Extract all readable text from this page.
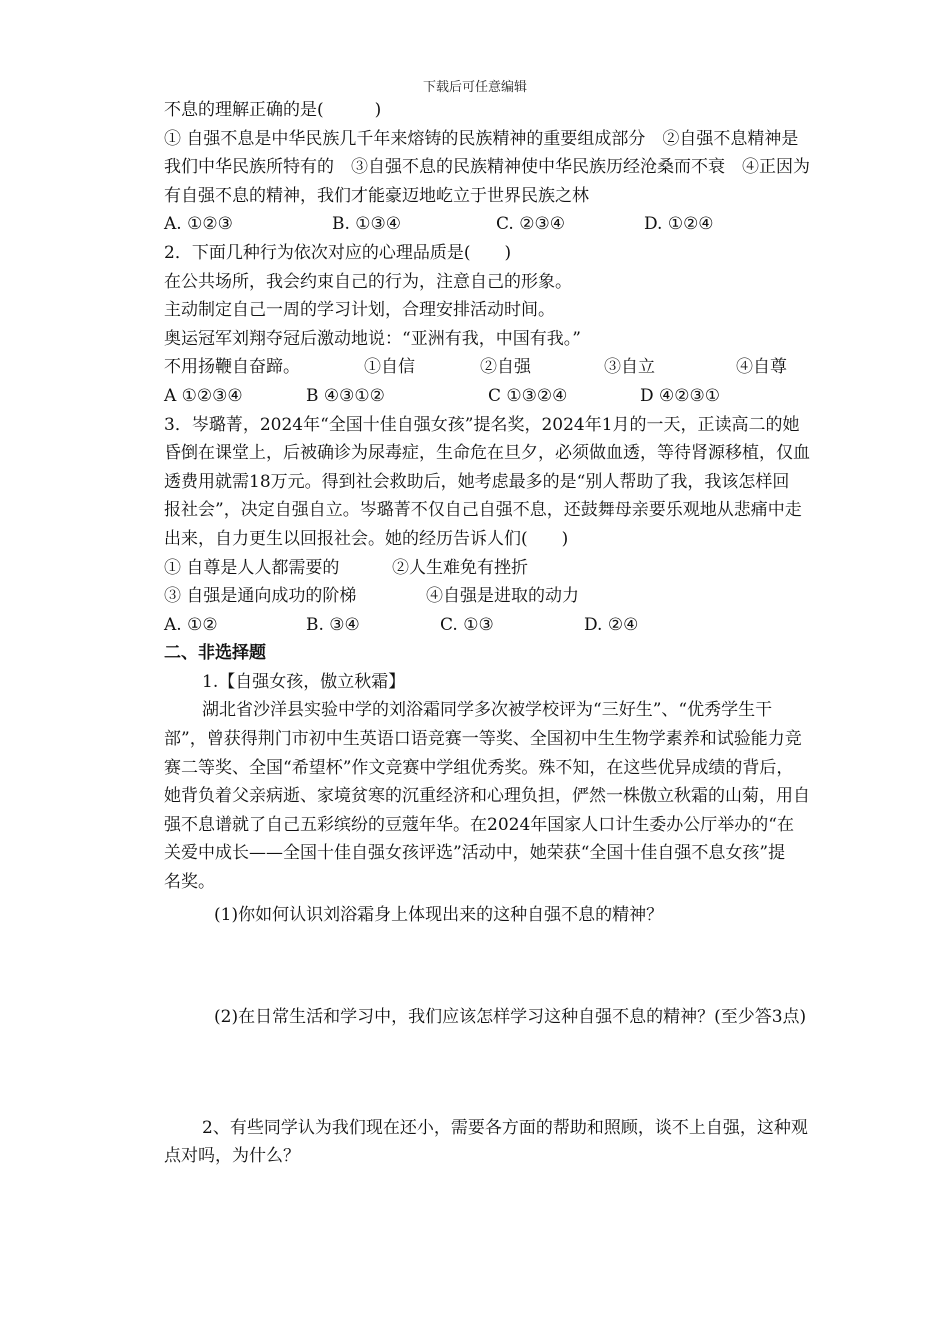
下载后可任意编辑
不息的理解正确的是(　　　)
① 自强不息是中华民族几千年来熔铸的民族精神的重要组成部分　②自强不息精神是
我们中华民族所特有的　③自强不息的民族精神使中华民族历经沧桑而不衰　④正因为
有自强不息的精神，我们才能豪迈地屹立于世界民族之林
A. ①②③	B. ①③④	C. ②③④	D. ①②④
2．下面几种行为依次对应的心理品质是(　　)
在公共场所，我会约束自己的行为，注意自己的形象。
主动制定自己一周的学习计划，合理安排活动时间。
奥运冠军刘翔夺冠后激动地说：“亚洲有我，中国有我。”
不用扬鞭自奋蹄。	①自信	②自强	③自立	④自尊
A ①②③④	B ④③①②	C ①③②④	D ④②③①
3．岑璐菁，2024年“全国十佳自强女孩”提名奖，2024年1月的一天，正读高二的她
昏倒在课堂上，后被确诊为尿毒症，生命危在旦夕，必须做血透，等待肾源移植，仅血
透费用就需18万元。得到社会救助后，她考虑最多的是“别人帮助了我，我该怎样回
报社会”，决定自强自立。岑璐菁不仅自己自强不息，还鼓舞母亲要乐观地从悲痛中走
出来，自力更生以回报社会。她的经历告诉人们(　　)
① 自尊是人人都需要的	②人生难免有挫折
③ 自强是通向成功的阶梯	④自强是进取的动力
A. ①②	B. ③④	C. ①③	D. ②④
二、非选择题
1.【自强女孩，傲立秋霜】
湖北省沙洋县实验中学的刘浴霜同学多次被学校评为“三好生”、“优秀学生干
部”，曾获得荆门市初中生英语口语竞赛一等奖、全国初中生生物学素养和试验能力竞
赛二等奖、全国“希望杯”作文竞赛中学组优秀奖。殊不知，在这些优异成绩的背后，
她背负着父亲病逝、家境贫寒的沉重经济和心理负担，俨然一株傲立秋霜的山菊，用自
强不息谱就了自己五彩缤纷的豆蔻年华。在2024年国家人口计生委办公厅举办的“在
关爱中成长——全国十佳自强女孩评选”活动中，她荣获“全国十佳自强不息女孩”提
名奖。
(1)你如何认识刘浴霜身上体现出来的这种自强不息的精神？
(2)在日常生活和学习中，我们应该怎样学习这种自强不息的精神？(至少答3点)
2、有些同学认为我们现在还小，需要各方面的帮助和照顾，谈不上自强，这种观
点对吗，为什么？
